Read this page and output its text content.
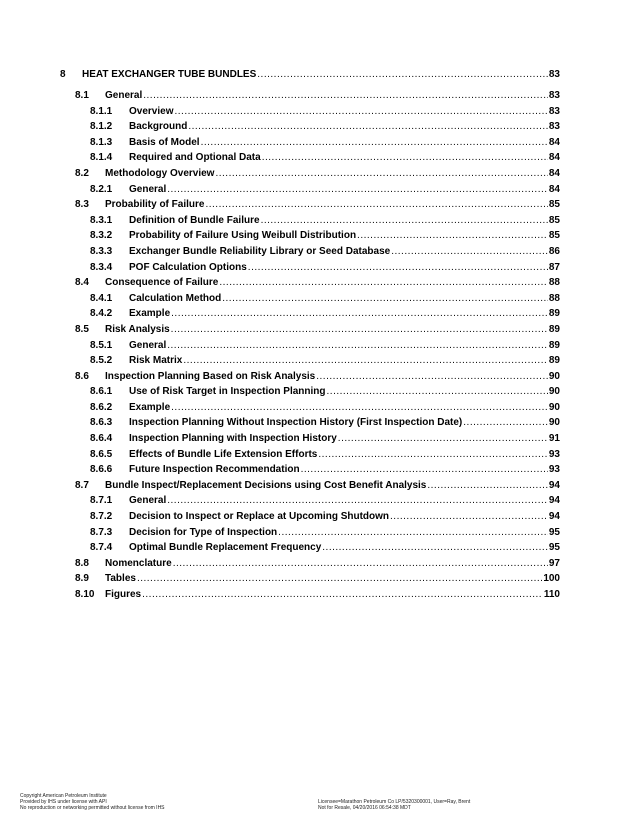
8	HEAT EXCHANGER TUBE BUNDLES .....	83
8.1	General .....	83
8.1.1	Overview .....	83
8.1.2	Background .....	83
8.1.3	Basis of Model .....	84
8.1.4	Required and Optional Data .....	84
8.2	Methodology Overview .....	84
8.2.1	General .....	84
8.3	Probability of Failure .....	85
8.3.1	Definition of Bundle Failure .....	85
8.3.2	Probability of Failure Using Weibull Distribution .....	85
8.3.3	Exchanger Bundle Reliability Library or Seed Database .....	86
8.3.4	POF Calculation Options .....	87
8.4	Consequence of Failure .....	88
8.4.1	Calculation Method .....	88
8.4.2	Example .....	89
8.5	Risk Analysis .....	89
8.5.1	General .....	89
8.5.2	Risk Matrix .....	89
8.6	Inspection Planning Based on Risk Analysis .....	90
8.6.1	Use of Risk Target in Inspection Planning .....	90
8.6.2	Example .....	90
8.6.3	Inspection Planning Without Inspection History (First Inspection Date) .....	90
8.6.4	Inspection Planning with Inspection History .....	91
8.6.5	Effects of Bundle Life Extension Efforts .....	93
8.6.6	Future Inspection Recommendation .....	93
8.7	Bundle Inspect/Replacement Decisions using Cost Benefit Analysis .....	94
8.7.1	General .....	94
8.7.2	Decision to Inspect or Replace at Upcoming Shutdown .....	94
8.7.3	Decision for Type of Inspection .....	95
8.7.4	Optimal Bundle Replacement Frequency .....	95
8.8	Nomenclature .....	97
8.9	Tables .....	100
8.10	Figures .....	110
Copyright American Petroleum Institute
Provided by IHS under license with API
No reproduction or networking permitted without license from IHS
Licensee=Marathon Petroleum Co LP/5320300001, User=Ray, Brent
Not for Resale, 04/20/2016 06:54:38 MDT
